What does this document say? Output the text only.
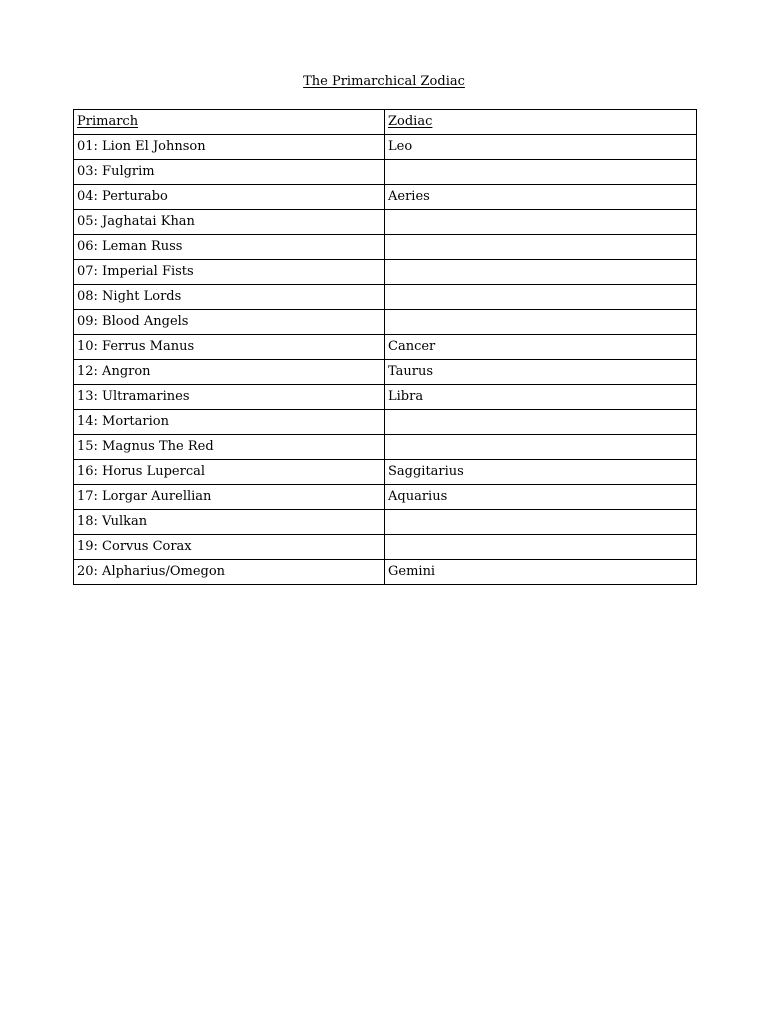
The Primarchical Zodiac
Primarch	Zodiac
01: Lion El Johnson	Leo
03: Fulgrim	
04: Perturabo	Aeries
05: Jaghatai Khan	
06: Leman Russ	
07: Imperial Fists	
08: Night Lords	
09: Blood Angels	
10: Ferrus Manus	Cancer
12: Angron	Taurus
13: Ultramarines	Libra
14: Mortarion	
15: Magnus The Red	
16: Horus Lupercal	Saggitarius
17: Lorgar Aurellian	Aquarius
18: Vulkan	
19: Corvus Corax	
20: Alpharius/Omegon	Gemini
